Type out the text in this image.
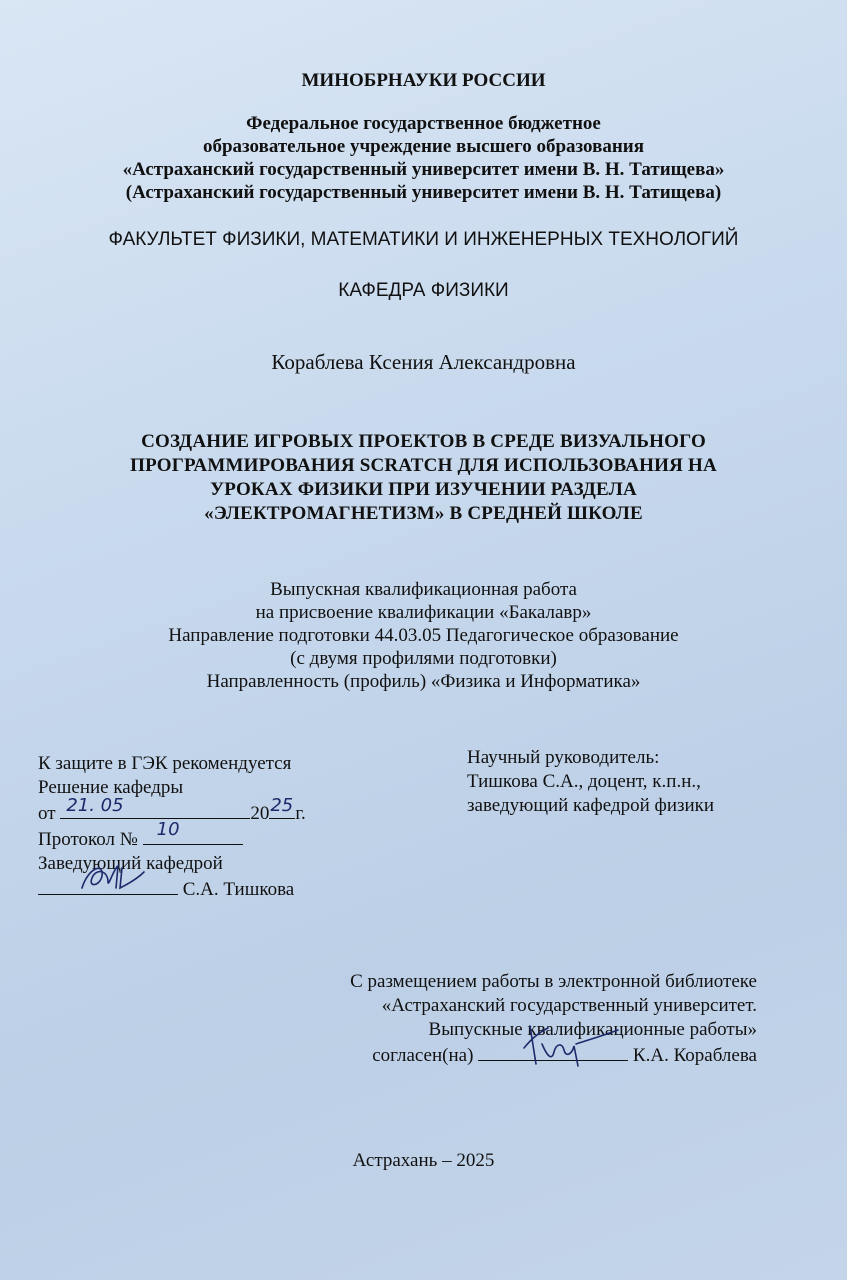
МИНОБРНАУКИ РОССИИ
Федеральное государственное бюджетное
образовательное учреждение высшего образования
«Астраханский государственный университет имени В. Н. Татищева»
(Астраханский государственный университет имени В. Н. Татищева)
ФАКУЛЬТЕТ ФИЗИКИ, МАТЕМАТИКИ И ИНЖЕНЕРНЫХ ТЕХНОЛОГИЙ
КАФЕДРА ФИЗИКИ
Кораблева Ксения Александровна
СОЗДАНИЕ ИГРОВЫХ ПРОЕКТОВ В СРЕДЕ ВИЗУАЛЬНОГО
ПРОГРАММИРОВАНИЯ SCRATCH ДЛЯ ИСПОЛЬЗОВАНИЯ НА
УРОКАХ ФИЗИКИ ПРИ ИЗУЧЕНИИ РАЗДЕЛА
«ЭЛЕКТРОМАГНЕТИЗМ» В СРЕДНЕЙ ШКОЛЕ
Выпускная квалификационная работа
на присвоение квалификации «Бакалавр»
Направление подготовки 44.03.05 Педагогическое образование
(с двумя профилями подготовки)
Направленность (профиль) «Физика и Информатика»
К защите в ГЭК рекомендуется
Решение кафедры
от 21. 05	20 25 г.
Протокол № 10
Заведующий кафедрой
С.А. Тишкова
Научный руководитель:
Тишкова С.А., доцент, к.п.н.,
заведующий кафедрой физики
С размещением работы в электронной библиотеке
«Астраханский государственный университет.
Выпускные квалификационные работы»
согласен(на)	К.А. Кораблева
Астрахань – 2025
